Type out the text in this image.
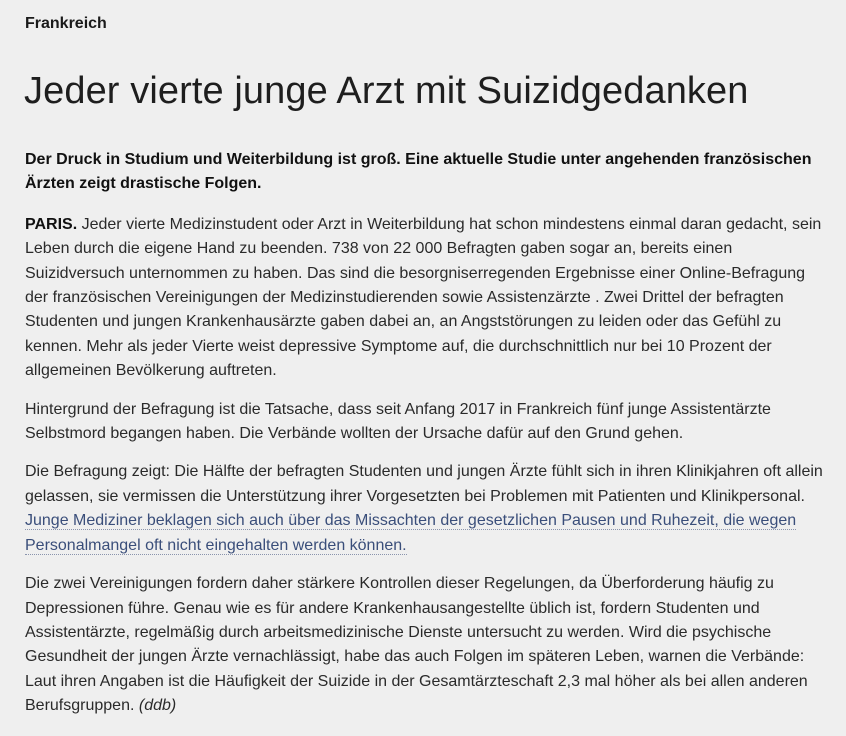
Frankreich

Jeder vierte junge Arzt mit Suizidgedanken

Der Druck in Studium und Weiterbildung ist groß. Eine aktuelle Studie unter angehenden französischen Ärzten zeigt drastische Folgen.

PARIS. Jeder vierte Medizinstudent oder Arzt in Weiterbildung hat schon mindestens einmal daran gedacht, sein Leben durch die eigene Hand zu beenden. 738 von 22 000 Befragten gaben sogar an, bereits einen Suizidversuch unternommen zu haben. Das sind die besorgniserregenden Ergebnisse einer Online-Befragung der französischen Vereinigungen der Medizinstudierenden sowie Assistenzärzte . Zwei Drittel der befragten Studenten und jungen Krankenhausärzte gaben dabei an, an Angststörungen zu leiden oder das Gefühl zu kennen. Mehr als jeder Vierte weist depressive Symptome auf, die durchschnittlich nur bei 10 Prozent der allgemeinen Bevölkerung auftreten.

Hintergrund der Befragung ist die Tatsache, dass seit Anfang 2017 in Frankreich fünf junge Assistentärzte Selbstmord begangen haben. Die Verbände wollten der Ursache dafür auf den Grund gehen.

Die Befragung zeigt: Die Hälfte der befragten Studenten und jungen Ärzte fühlt sich in ihren Klinikjahren oft allein gelassen, sie vermissen die Unterstützung ihrer Vorgesetzten bei Problemen mit Patienten und Klinikpersonal. Junge Mediziner beklagen sich auch über das Missachten der gesetzlichen Pausen und Ruhezeit, die wegen Personalmangel oft nicht eingehalten werden können.

Die zwei Vereinigungen fordern daher stärkere Kontrollen dieser Regelungen, da Überforderung häufig zu Depressionen führe. Genau wie es für andere Krankenhausangestellte üblich ist, fordern Studenten und Assistentärzte, regelmäßig durch arbeitsmedizinische Dienste untersucht zu werden. Wird die psychische Gesundheit der jungen Ärzte vernachlässigt, habe das auch Folgen im späteren Leben, warnen die Verbände: Laut ihren Angaben ist die Häufigkeit der Suizide in der Gesamtärzteschaft 2,3 mal höher als bei allen anderen Berufsgruppen. (ddb)
